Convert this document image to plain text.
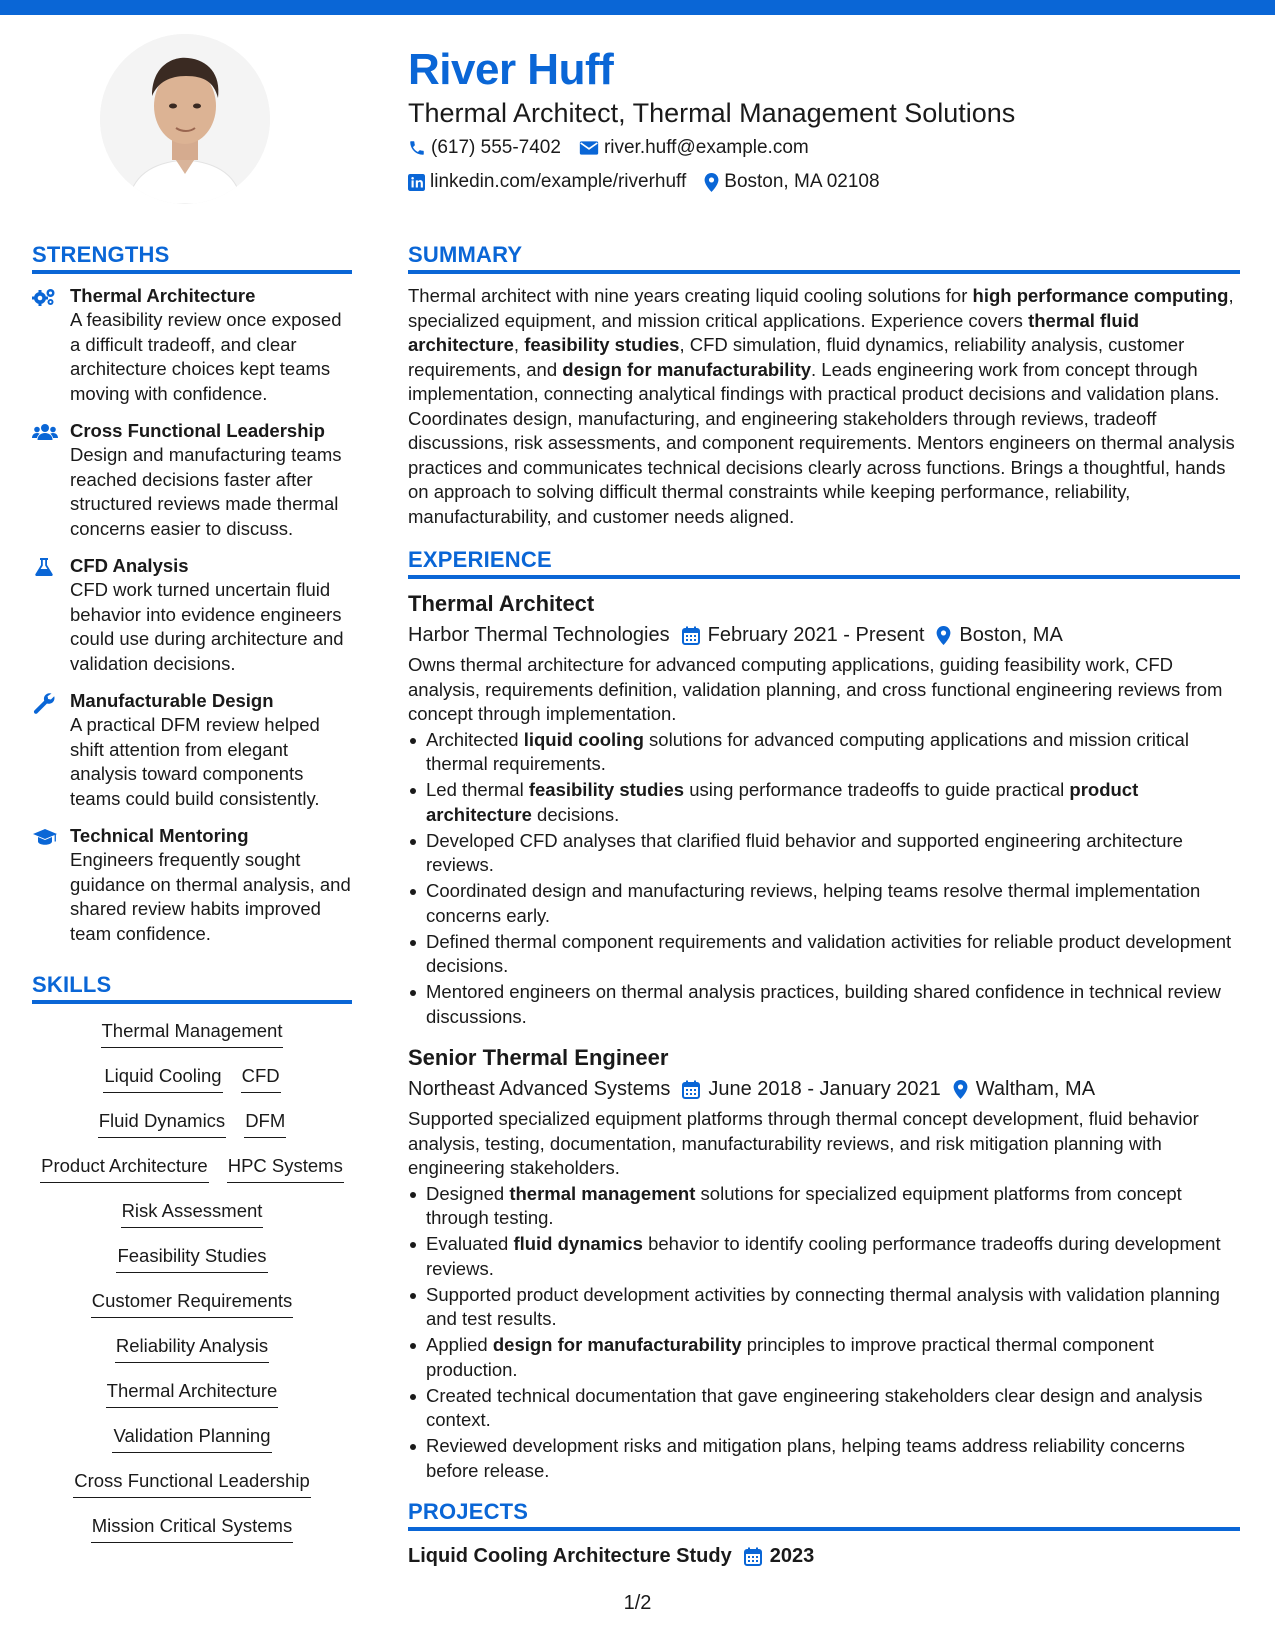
River Huff
Thermal Architect, Thermal Management Solutions
(617) 555-7402 river.huff@example.com
linkedin.com/example/riverhuff Boston, MA 02108
STRENGTHS
Thermal Architecture
A feasibility review once exposed a difficult tradeoff, and clear architecture choices kept teams moving with confidence.
Cross Functional Leadership
Design and manufacturing teams reached decisions faster after structured reviews made thermal concerns easier to discuss.
CFD Analysis
CFD work turned uncertain fluid behavior into evidence engineers could use during architecture and validation decisions.
Manufacturable Design
A practical DFM review helped shift attention from elegant analysis toward components teams could build consistently.
Technical Mentoring
Engineers frequently sought guidance on thermal analysis, and shared review habits improved team confidence.
SKILLS
Thermal Management
Liquid Cooling CFD
Fluid Dynamics DFM
Product Architecture HPC Systems
Risk Assessment
Feasibility Studies
Customer Requirements
Reliability Analysis
Thermal Architecture
Validation Planning
Cross Functional Leadership
Mission Critical Systems
SUMMARY
Thermal architect with nine years creating liquid cooling solutions for high performance computing, specialized equipment, and mission critical applications. Experience covers thermal fluid architecture, feasibility studies, CFD simulation, fluid dynamics, reliability analysis, customer requirements, and design for manufacturability. Leads engineering work from concept through implementation, connecting analytical findings with practical product decisions and validation plans. Coordinates design, manufacturing, and engineering stakeholders through reviews, tradeoff discussions, risk assessments, and component requirements. Mentors engineers on thermal analysis practices and communicates technical decisions clearly across functions. Brings a thoughtful, hands on approach to solving difficult thermal constraints while keeping performance, reliability, manufacturability, and customer needs aligned.
EXPERIENCE
Thermal Architect
Harbor Thermal Technologies February 2021 - Present Boston, MA
Owns thermal architecture for advanced computing applications, guiding feasibility work, CFD analysis, requirements definition, validation planning, and cross functional engineering reviews from concept through implementation.
Architected liquid cooling solutions for advanced computing applications and mission critical thermal requirements.
Led thermal feasibility studies using performance tradeoffs to guide practical product architecture decisions.
Developed CFD analyses that clarified fluid behavior and supported engineering architecture reviews.
Coordinated design and manufacturing reviews, helping teams resolve thermal implementation concerns early.
Defined thermal component requirements and validation activities for reliable product development decisions.
Mentored engineers on thermal analysis practices, building shared confidence in technical review discussions.
Senior Thermal Engineer
Northeast Advanced Systems June 2018 - January 2021 Waltham, MA
Supported specialized equipment platforms through thermal concept development, fluid behavior analysis, testing, documentation, manufacturability reviews, and risk mitigation planning with engineering stakeholders.
Designed thermal management solutions for specialized equipment platforms from concept through testing.
Evaluated fluid dynamics behavior to identify cooling performance tradeoffs during development reviews.
Supported product development activities by connecting thermal analysis with validation planning and test results.
Applied design for manufacturability principles to improve practical thermal component production.
Created technical documentation that gave engineering stakeholders clear design and analysis context.
Reviewed development risks and mitigation plans, helping teams address reliability concerns before release.
PROJECTS
Liquid Cooling Architecture Study 2023
1/2
